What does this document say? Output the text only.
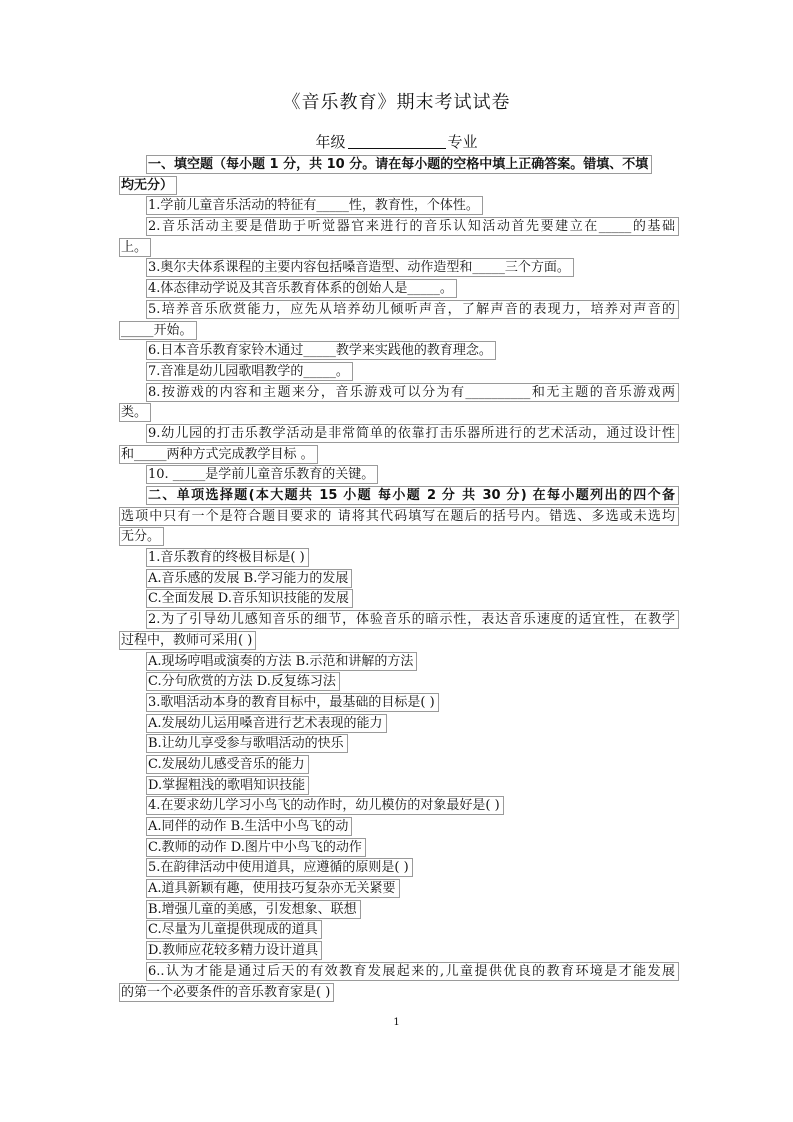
《音乐教育》期末考试试卷
年级	专业
一、填空题（每小题 1 分，共 10 分。请在每小题的空格中填上正确答案。错填、不填
均无分）
1.学前儿童音乐活动的特征有_____性，教育性，个体性。
2.音乐活动主要是借助于听觉器官来进行的音乐认知活动首先要建立在_____的基础
上。
3.奥尔夫体系课程的主要内容包括嗓音造型、动作造型和_____三个方面。
4.体态律动学说及其音乐教育体系的创始人是_____。
5.培养音乐欣赏能力，应先从培养幼儿倾听声音，了解声音的表现力，培养对声音的
_____开始。
6.日本音乐教育家铃木通过_____教学来实践他的教育理念。
7.音准是幼儿园歌唱教学的_____。
8.按游戏的内容和主题来分，音乐游戏可以分为有__________和无主题的音乐游戏两
类。
9.幼儿园的打击乐教学活动是非常简单的依靠打击乐器所进行的艺术活动，通过设计性
和_____两种方式完成教学目标 。
10. _____是学前儿童音乐教育的关键。
二、单项选择题(本大题共 15 小题 每小题 2 分 共 30 分) 在每小题列出的四个备
选项中只有一个是符合题目要求的 请将其代码填写在题后的括号内。错选、多选或未选均
无分。
1.音乐教育的终极目标是( )
A.音乐感的发展 B.学习能力的发展
C.全面发展 D.音乐知识技能的发展
2.为了引导幼儿感知音乐的细节，体验音乐的暗示性，表达音乐速度的适宜性，在教学
过程中，教师可采用( )
A.现场哼唱或演奏的方法 B.示范和讲解的方法
C.分句欣赏的方法 D.反复练习法
3.歌唱活动本身的教育目标中，最基础的目标是( )
A.发展幼儿运用嗓音进行艺术表现的能力
B.让幼儿享受参与歌唱活动的快乐
C.发展幼儿感受音乐的能力
D.掌握粗浅的歌唱知识技能
4.在要求幼儿学习小鸟飞的动作时，幼儿模仿的对象最好是( )
A.同伴的动作 B.生活中小鸟飞的动
C.教师的动作 D.图片中小鸟飞的动作
5.在韵律活动中使用道具，应遵循的原则是( )
A.道具新颖有趣，使用技巧复杂亦无关紧要
B.增强儿童的美感，引发想象、联想
C.尽量为儿童提供现成的道具
D.教师应花较多精力设计道具
6..认为才能是通过后天的有效教育发展起来的,儿童提供优良的教育环境是才能发展
的第一个必要条件的音乐教育家是( )
1
